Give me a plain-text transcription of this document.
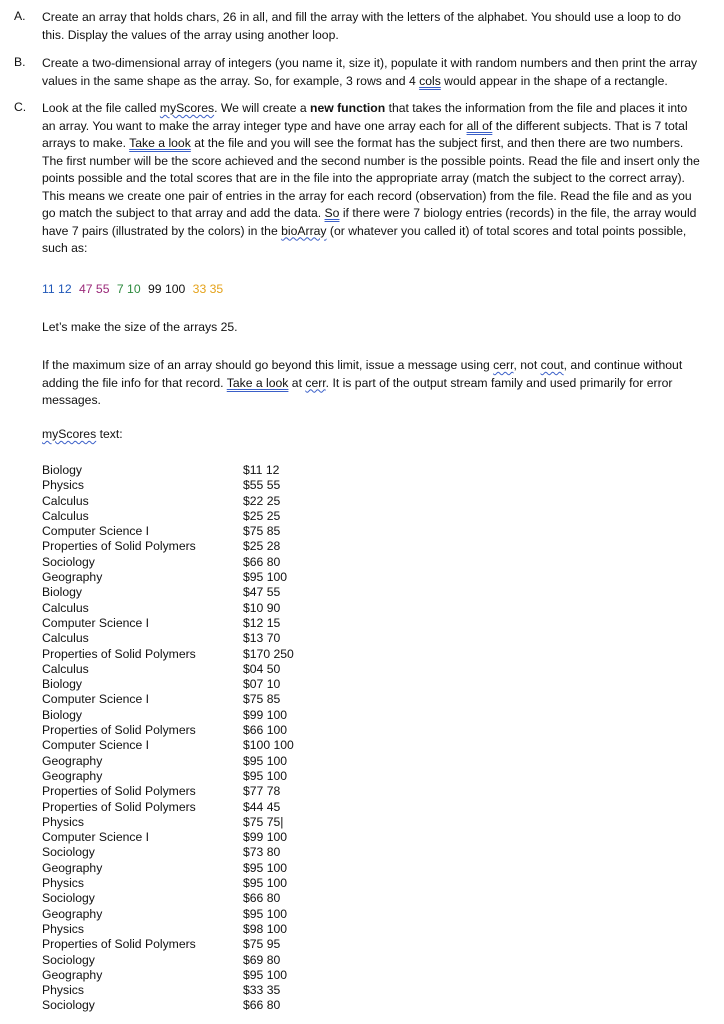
A. Create an array that holds chars, 26 in all, and fill the array with the letters of the alphabet. You should use a loop to do this. Display the values of the array using another loop.
B. Create a two-dimensional array of integers (you name it, size it), populate it with random numbers and then print the array values in the same shape as the array. So, for example, 3 rows and 4 cols would appear in the shape of a rectangle.
C. Look at the file called myScores. We will create a new function that takes the information from the file and places it into an array. You want to make the array integer type and have one array each for all of the different subjects. That is 7 total arrays to make. Take a look at the file and you will see the format has the subject first, and then there are two numbers. The first number will be the score achieved and the second number is the possible points. Read the file and insert only the points possible and the total scores that are in the file into the appropriate array (match the subject to the correct array). This means we create one pair of entries in the array for each record (observation) from the file. Read the file and as you go match the subject to that array and add the data. So if there were 7 biology entries (records) in the file, the array would have 7 pairs (illustrated by the colors) in the bioArray (or whatever you called it) of total scores and total points possible, such as:
11 12 47 55 7 10 99 100 33 35
Let’s make the size of the arrays 25.
If the maximum size of an array should go beyond this limit, issue a message using cerr, not cout, and continue without adding the file info for that record. Take a look at cerr. It is part of the output stream family and used primarily for error messages.
myScores text:
Biology	$11 12
Physics	$55 55
Calculus	$22 25
Calculus	$25 25
Computer Science I	$75 85
Properties of Solid Polymers	$25 28
Sociology	$66 80
Geography	$95 100
Biology	$47 55
Calculus	$10 90
Computer Science I	$12 15
Calculus	$13 70
Properties of Solid Polymers	$170 250
Calculus	$04 50
Biology	$07 10
Computer Science I	$75 85
Biology	$99 100
Properties of Solid Polymers	$66 100
Computer Science I	$100 100
Geography	$95 100
Geography	$95 100
Properties of Solid Polymers	$77 78
Properties of Solid Polymers	$44 45
Physics	$75 75|
Computer Science I	$99 100
Sociology	$73 80
Geography	$95 100
Physics	$95 100
Sociology	$66 80
Geography	$95 100
Physics	$98 100
Properties of Solid Polymers	$75 95
Sociology	$69 80
Geography	$95 100
Physics	$33 35
Sociology	$66 80
